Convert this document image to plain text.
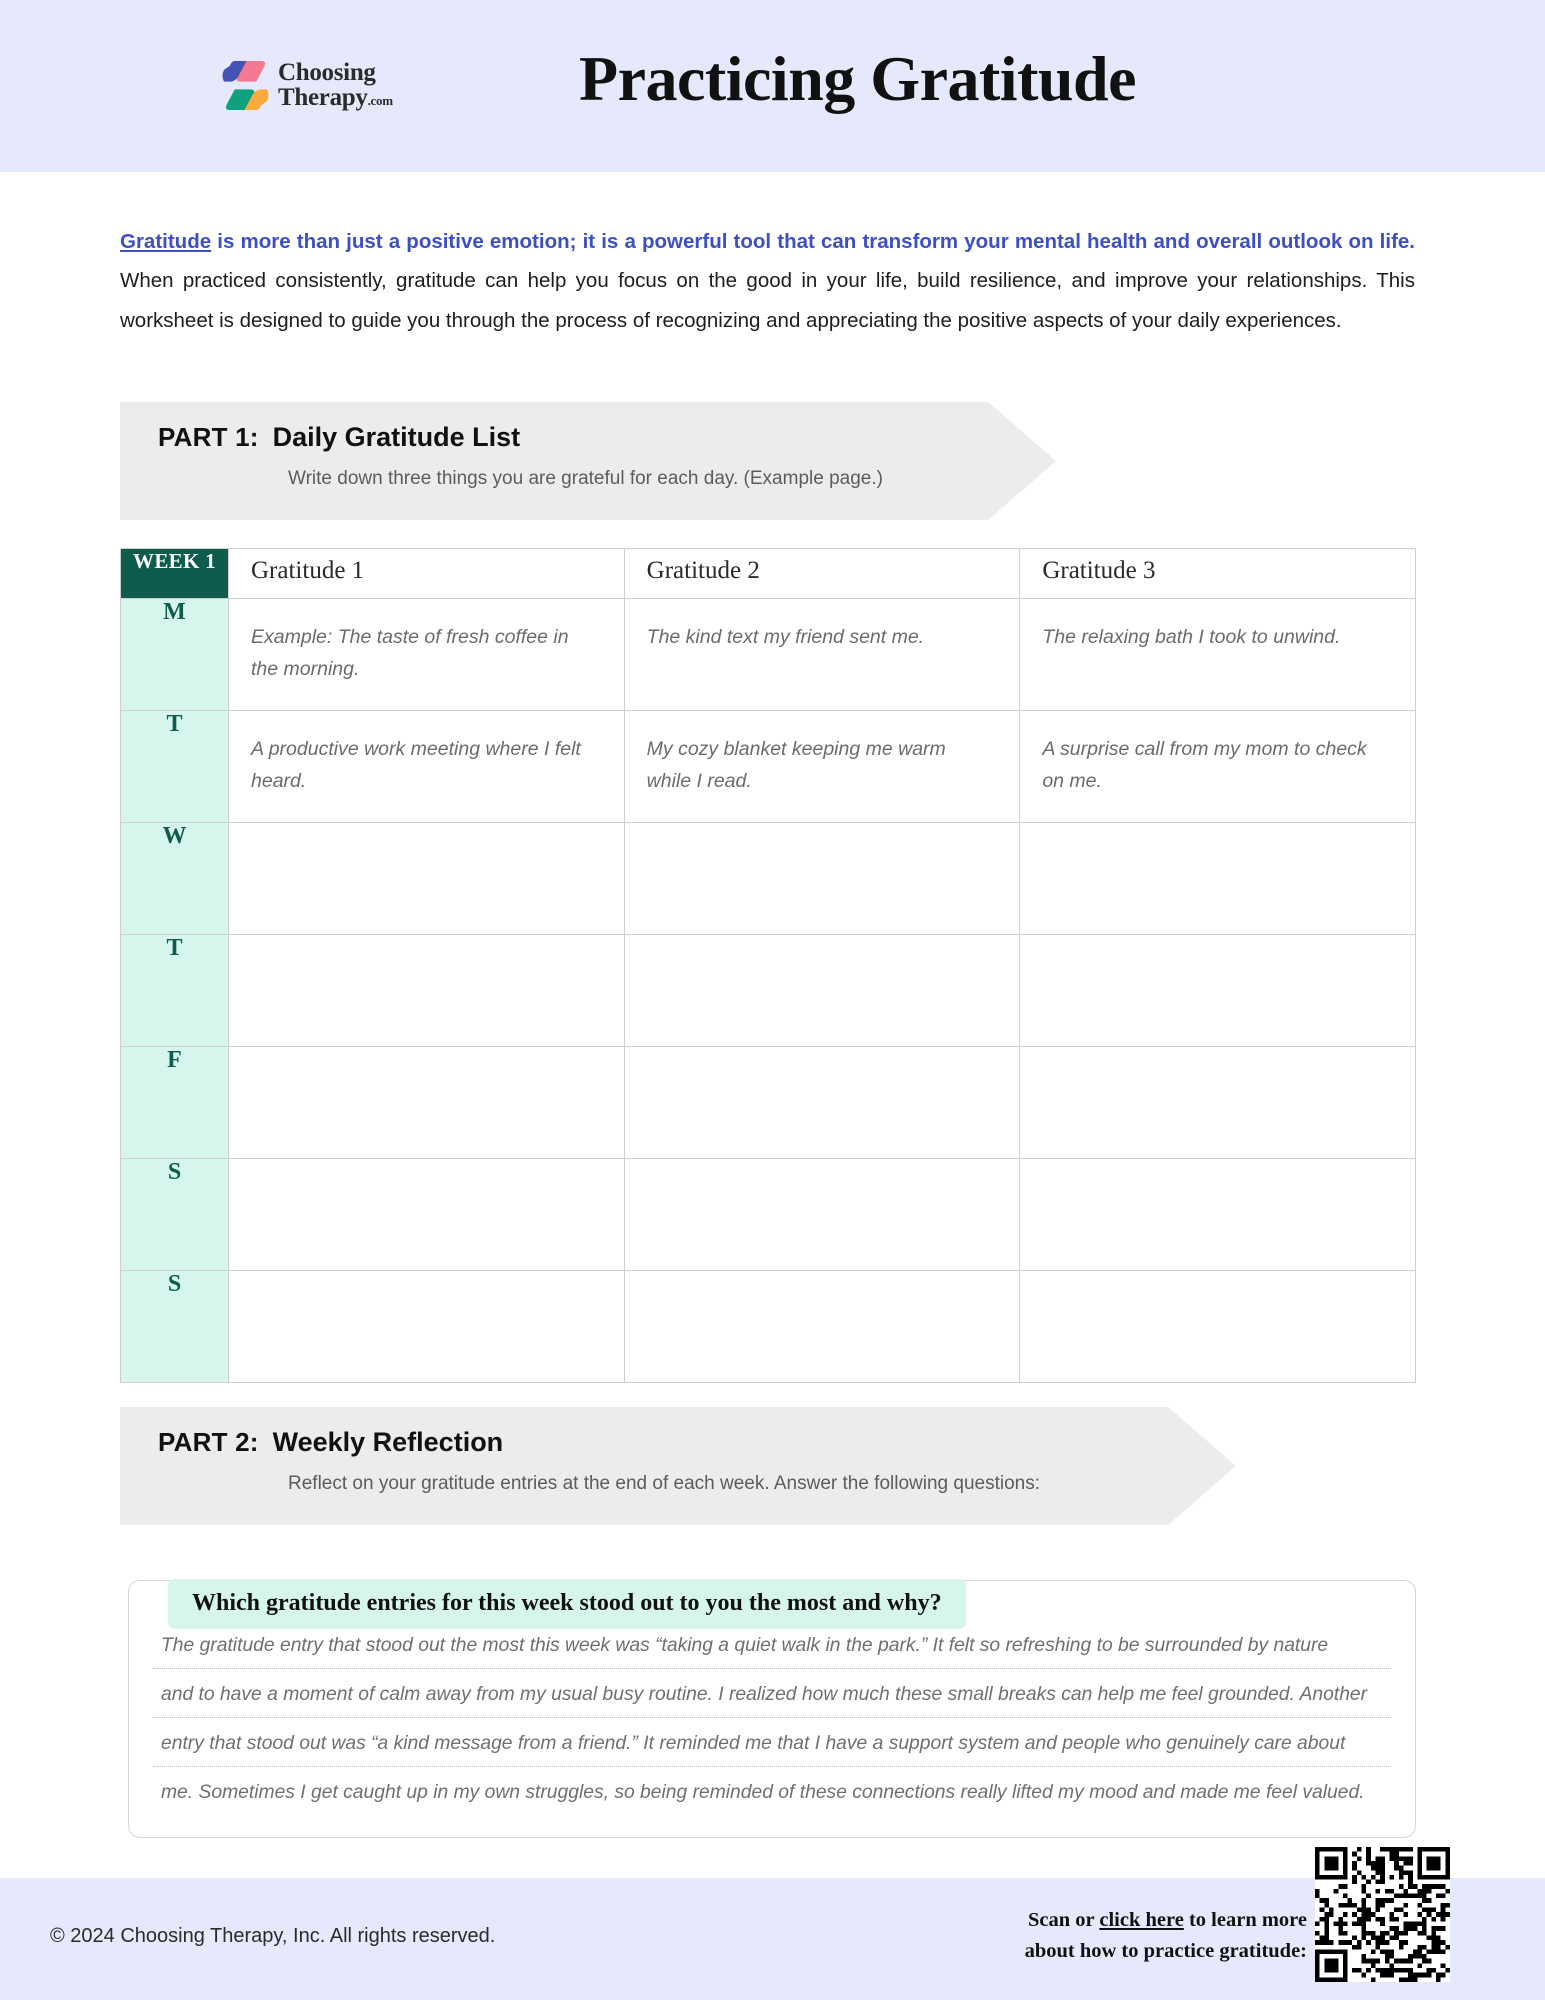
Choosing
Therapy.com	Practicing Gratitude
Gratitude is more than just a positive emotion; it is a powerful tool that can transform your mental health and overall outlook on life. When practiced consistently, gratitude can help you focus on the good in your life, build resilience, and improve your relationships. This worksheet is designed to guide you through the process of recognizing and appreciating the positive aspects of your daily experiences.
PART 1: Daily Gratitude List
Write down three things you are grateful for each day. (Example page.)
WEEK 1	Gratitude 1	Gratitude 2	Gratitude 3
M	Example: The taste of fresh coffee in the morning.	The kind text my friend sent me.	The relaxing bath I took to unwind.
T	A productive work meeting where I felt heard.	My cozy blanket keeping me warm while I read.	A surprise call from my mom to check on me.
W			
T			
F			
S			
S			
PART 2: Weekly Reflection
Reflect on your gratitude entries at the end of each week. Answer the following questions:
Which gratitude entries for this week stood out to you the most and why?
The gratitude entry that stood out the most this week was “taking a quiet walk in the park.” It felt so refreshing to be surrounded by nature
and to have a moment of calm away from my usual busy routine. I realized how much these small breaks can help me feel grounded. Another
entry that stood out was “a kind message from a friend.” It reminded me that I have a support system and people who genuinely care about
me. Sometimes I get caught up in my own struggles, so being reminded of these connections really lifted my mood and made me feel valued.
© 2024 Choosing Therapy, Inc. All rights reserved.
Scan or click here to learn more
about how to practice gratitude:
